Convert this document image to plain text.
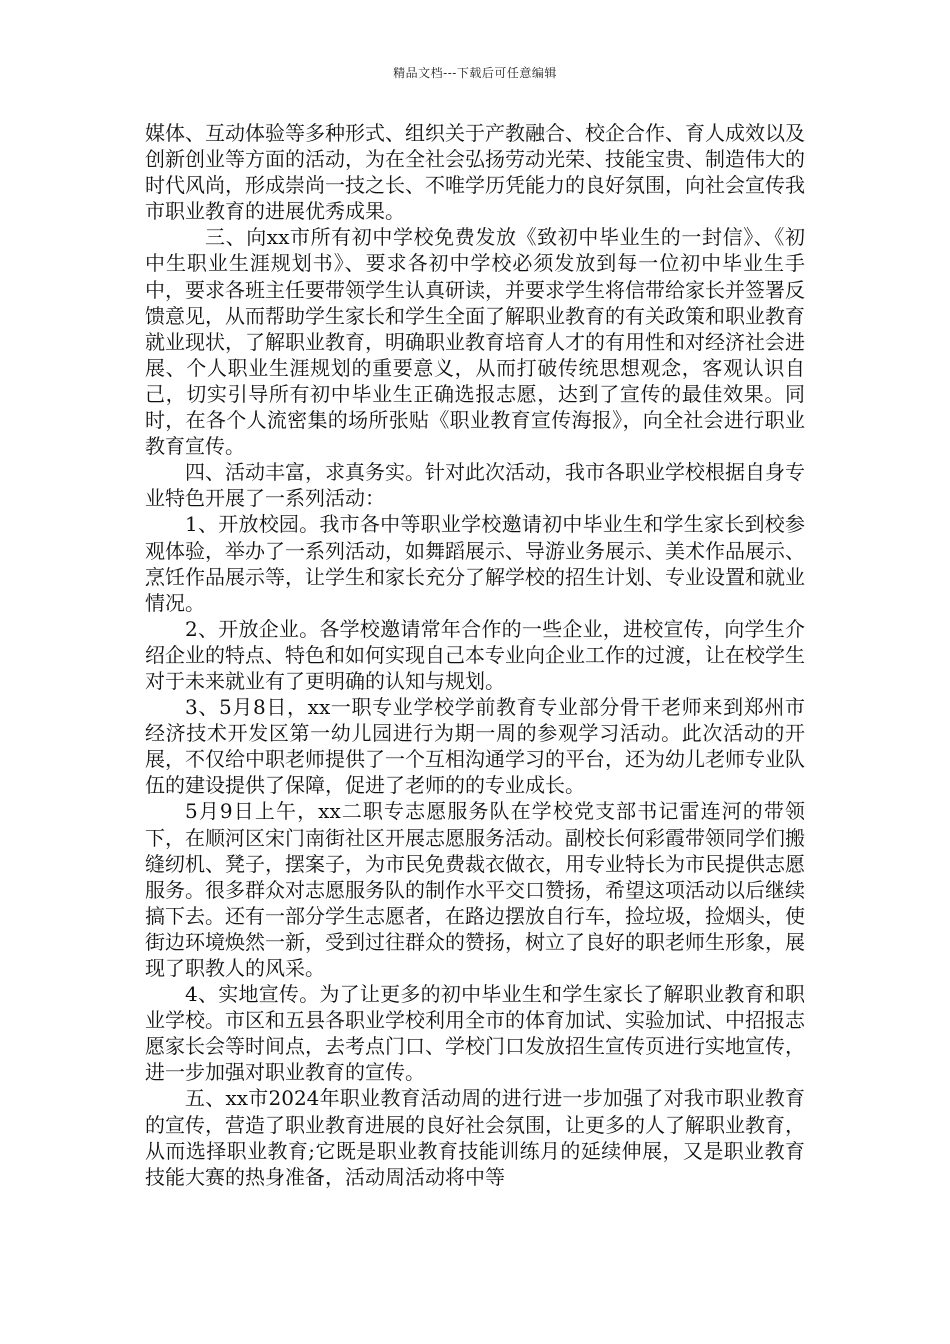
精品文档---下载后可任意编辑

媒体、互动体验等多种形式、组织关于产教融合、校企合作、育人成效以及创新创业等方面的活动，为在全社会弘扬劳动光荣、技能宝贵、制造伟大的时代风尚，形成崇尚一技之长、不唯学历凭能力的良好氛围，向社会宣传我市职业教育的进展优秀成果。

三、向xx市所有初中学校免费发放《致初中毕业生的一封信》、《初中生职业生涯规划书》、要求各初中学校必须发放到每一位初中毕业生手中，要求各班主任要带领学生认真研读，并要求学生将信带给家长并签署反馈意见，从而帮助学生家长和学生全面了解职业教育的有关政策和职业教育就业现状，了解职业教育，明确职业教育培育人才的有用性和对经济社会进展、个人职业生涯规划的重要意义，从而打破传统思想观念，客观认识自己，切实引导所有初中毕业生正确选报志愿，达到了宣传的最佳效果。同时，在各个人流密集的场所张贴《职业教育宣传海报》，向全社会进行职业教育宣传。

四、活动丰富，求真务实。针对此次活动，我市各职业学校根据自身专业特色开展了一系列活动：

1、开放校园。我市各中等职业学校邀请初中毕业生和学生家长到校参观体验，举办了一系列活动，如舞蹈展示、导游业务展示、美术作品展示、烹饪作品展示等，让学生和家长充分了解学校的招生计划、专业设置和就业情况。

2、开放企业。各学校邀请常年合作的一些企业，进校宣传，向学生介绍企业的特点、特色和如何实现自己本专业向企业工作的过渡，让在校学生对于未来就业有了更明确的认知与规划。

3、5月8日，xx一职专业学校学前教育专业部分骨干老师来到郑州市经济技术开发区第一幼儿园进行为期一周的参观学习活动。此次活动的开展，不仅给中职老师提供了一个互相沟通学习的平台，还为幼儿老师专业队伍的建设提供了保障，促进了老师的的专业成长。

5月9日上午，xx二职专志愿服务队在学校党支部书记雷连河的带领下，在顺河区宋门南街社区开展志愿服务活动。副校长何彩霞带领同学们搬缝纫机、凳子，摆案子，为市民免费裁衣做衣，用专业特长为市民提供志愿服务。很多群众对志愿服务队的制作水平交口赞扬，希望这项活动以后继续搞下去。还有一部分学生志愿者，在路边摆放自行车，捡垃圾，捡烟头，使街边环境焕然一新，受到过往群众的赞扬，树立了良好的职老师生形象，展现了职教人的风采。

4、实地宣传。为了让更多的初中毕业生和学生家长了解职业教育和职业学校。市区和五县各职业学校利用全市的体育加试、实验加试、中招报志愿家长会等时间点，去考点门口、学校门口发放招生宣传页进行实地宣传，进一步加强对职业教育的宣传。

五、xx市2024年职业教育活动周的进行进一步加强了对我市职业教育的宣传，营造了职业教育进展的良好社会氛围，让更多的人了解职业教育，从而选择职业教育;它既是职业教育技能训练月的延续伸展，又是职业教育技能大赛的热身准备，活动周活动将中等
